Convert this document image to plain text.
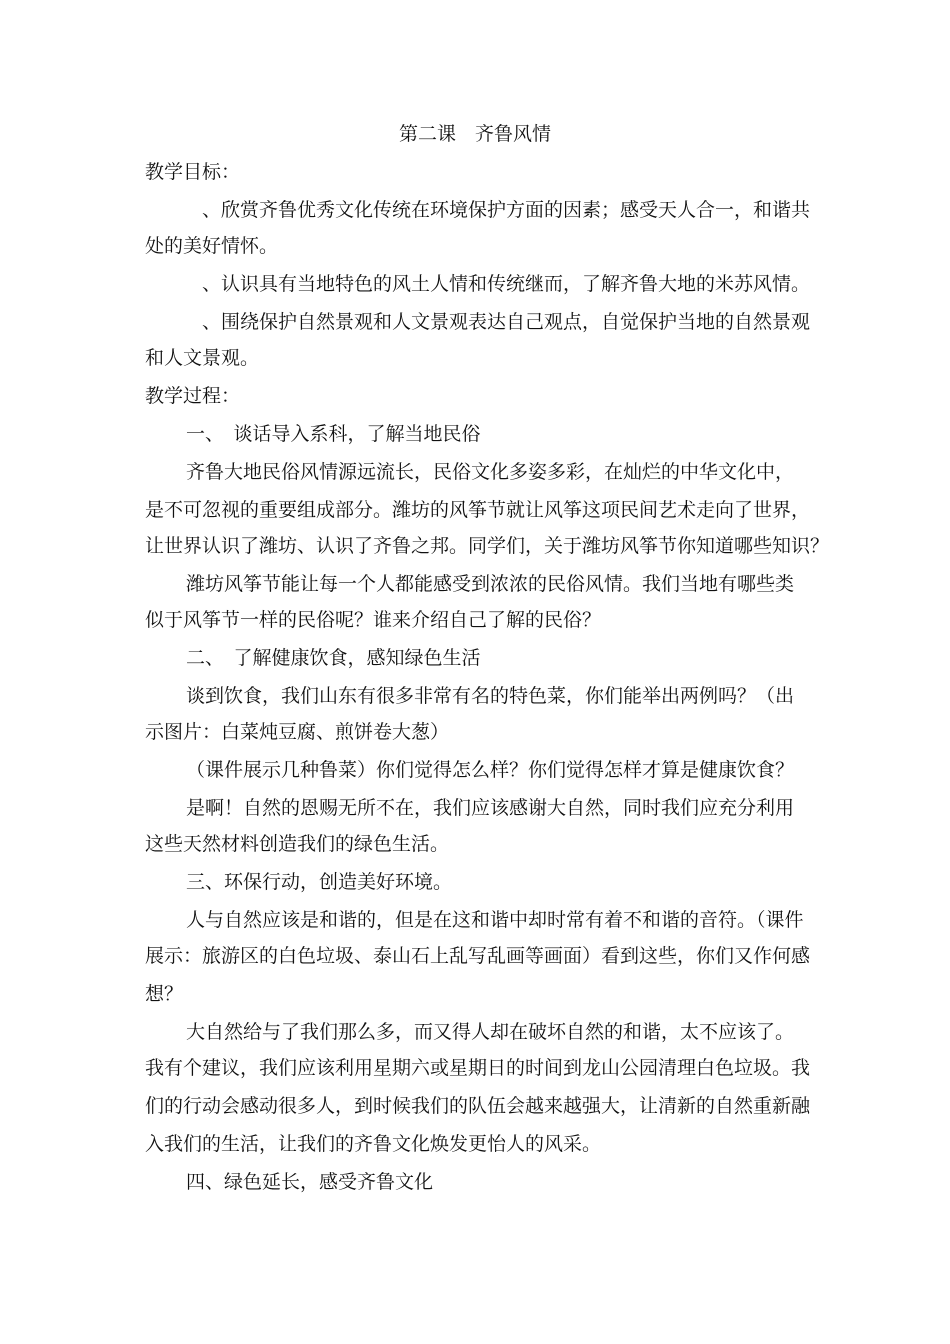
第二课　齐鲁风情

教学目标：

、欣赏齐鲁优秀文化传统在环境保护方面的因素；感受天人合一，和谐共

处的美好情怀。

、认识具有当地特色的风土人情和传统继而，了解齐鲁大地的米苏风情。

、围绕保护自然景观和人文景观表达自己观点，自觉保护当地的自然景观

和人文景观。

教学过程：

一、　谈话导入系科，了解当地民俗

齐鲁大地民俗风情源远流长，民俗文化多姿多彩，在灿烂的中华文化中，

是不可忽视的重要组成部分。潍坊的风筝节就让风筝这项民间艺术走向了世界，

让世界认识了潍坊、认识了齐鲁之邦。同学们，关于潍坊风筝节你知道哪些知识？

潍坊风筝节能让每一个人都能感受到浓浓的民俗风情。我们当地有哪些类

似于风筝节一样的民俗呢？谁来介绍自己了解的民俗？

二、　了解健康饮食，感知绿色生活

谈到饮食，我们山东有很多非常有名的特色菜，你们能举出两例吗？（出

示图片：白菜炖豆腐、煎饼卷大葱）

（课件展示几种鲁菜）你们觉得怎么样？你们觉得怎样才算是健康饮食？

是啊！自然的恩赐无所不在，我们应该感谢大自然，同时我们应充分利用

这些天然材料创造我们的绿色生活。

三、环保行动，创造美好环境。

人与自然应该是和谐的，但是在这和谐中却时常有着不和谐的音符。（课件

展示：旅游区的白色垃圾、泰山石上乱写乱画等画面）看到这些，你们又作何感

想？

大自然给与了我们那么多，而又得人却在破坏自然的和谐，太不应该了。

我有个建议，我们应该利用星期六或星期日的时间到龙山公园清理白色垃圾。我

们的行动会感动很多人，到时候我们的队伍会越来越强大，让清新的自然重新融

入我们的生活，让我们的齐鲁文化焕发更怡人的风采。

四、绿色延长，感受齐鲁文化
